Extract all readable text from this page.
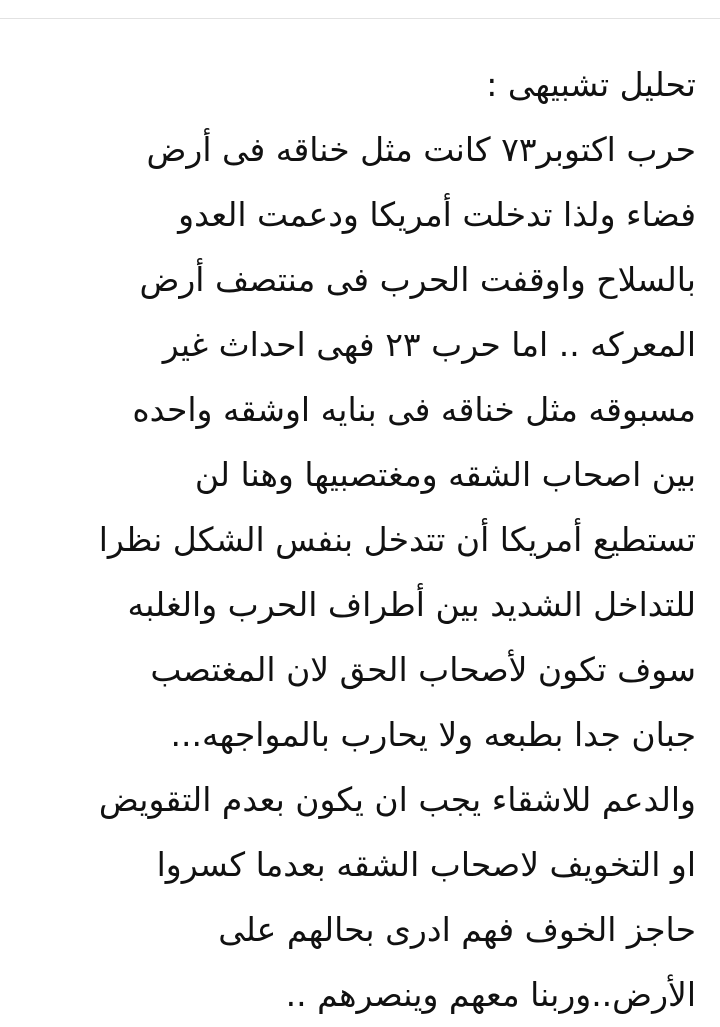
تحليل تشبيهى :
حرب اكتوبر٧٣ كانت مثل خناقه فى أرض
فضاء ولذا تدخلت أمريكا ودعمت العدو
بالسلاح واوقفت الحرب فى منتصف أرض
المعركه .. اما حرب ٢٣ فهى احداث غير
مسبوقه مثل خناقه فى بنايه اوشقه واحده
بين اصحاب الشقه ومغتصبيها وهنا لن
تستطيع أمريكا أن تتدخل بنفس الشكل نظرا
للتداخل الشديد بين أطراف الحرب والغلبه
سوف تكون لأصحاب الحق لان المغتصب
جبان جدا بطبعه ولا يحارب بالمواجهه...
والدعم للاشقاء يجب ان يكون بعدم التقويض
او التخويف لاصحاب الشقه بعدما كسروا
حاجز الخوف فهم ادرى بحالهم على
الأرض..وربنا معهم وينصرهم ..
